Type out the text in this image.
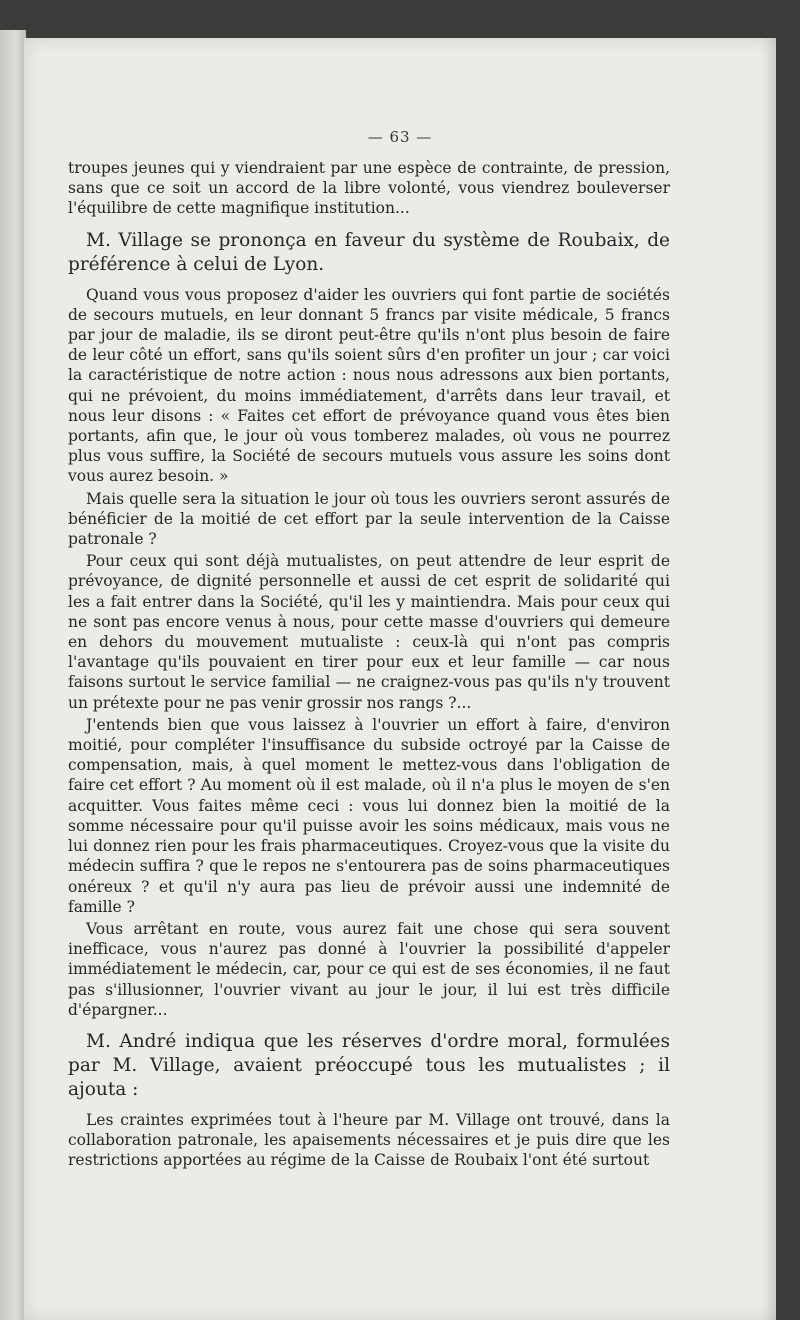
— 63 —

troupes jeunes qui y viendraient par une espèce de contrainte, de pression, sans que ce soit un accord de la libre volonté, vous viendrez bouleverser l'équilibre de cette magnifique institution...

M. Village se prononça en faveur du système de Roubaix, de préférence à celui de Lyon.

Quand vous vous proposez d'aider les ouvriers qui font partie de sociétés de secours mutuels, en leur donnant 5 francs par visite médicale, 5 francs par jour de maladie, ils se diront peut-être qu'ils n'ont plus besoin de faire de leur côté un effort, sans qu'ils soient sûrs d'en profiter un jour ; car voici la caractéristique de notre action : nous nous adressons aux bien portants, qui ne prévoient, du moins immédiatement, d'arrêts dans leur travail, et nous leur disons : « Faites cet effort de prévoyance quand vous êtes bien portants, afin que, le jour où vous tomberez malades, où vous ne pourrez plus vous suffire, la Société de secours mutuels vous assure les soins dont vous aurez besoin. »

Mais quelle sera la situation le jour où tous les ouvriers seront assurés de bénéficier de la moitié de cet effort par la seule intervention de la Caisse patronale ?

Pour ceux qui sont déjà mutualistes, on peut attendre de leur esprit de prévoyance, de dignité personnelle et aussi de cet esprit de solidarité qui les a fait entrer dans la Société, qu'il les y maintiendra. Mais pour ceux qui ne sont pas encore venus à nous, pour cette masse d'ouvriers qui demeure en dehors du mouvement mutualiste : ceux-là qui n'ont pas compris l'avantage qu'ils pouvaient en tirer pour eux et leur famille — car nous faisons surtout le service familial — ne craignez-vous pas qu'ils n'y trouvent un prétexte pour ne pas venir grossir nos rangs ?...

J'entends bien que vous laissez à l'ouvrier un effort à faire, d'environ moitié, pour compléter l'insuffisance du subside octroyé par la Caisse de compensation, mais, à quel moment le mettez-vous dans l'obligation de faire cet effort ? Au moment où il est malade, où il n'a plus le moyen de s'en acquitter. Vous faites même ceci : vous lui donnez bien la moitié de la somme nécessaire pour qu'il puisse avoir les soins médicaux, mais vous ne lui donnez rien pour les frais pharmaceutiques. Croyez-vous que la visite du médecin suffira ? que le repos ne s'entourera pas de soins pharmaceutiques onéreux ? et qu'il n'y aura pas lieu de prévoir aussi une indemnité de famille ?

Vous arrêtant en route, vous aurez fait une chose qui sera souvent inefficace, vous n'aurez pas donné à l'ouvrier la possibilité d'appeler immédiatement le médecin, car, pour ce qui est de ses économies, il ne faut pas s'illusionner, l'ouvrier vivant au jour le jour, il lui est très difficile d'épargner...

M. André indiqua que les réserves d'ordre moral, formulées par M. Village, avaient préoccupé tous les mutualistes ; il ajouta :

Les craintes exprimées tout à l'heure par M. Village ont trouvé, dans la collaboration patronale, les apaisements nécessaires et je puis dire que les restrictions apportées au régime de la Caisse de Roubaix l'ont été surtout
